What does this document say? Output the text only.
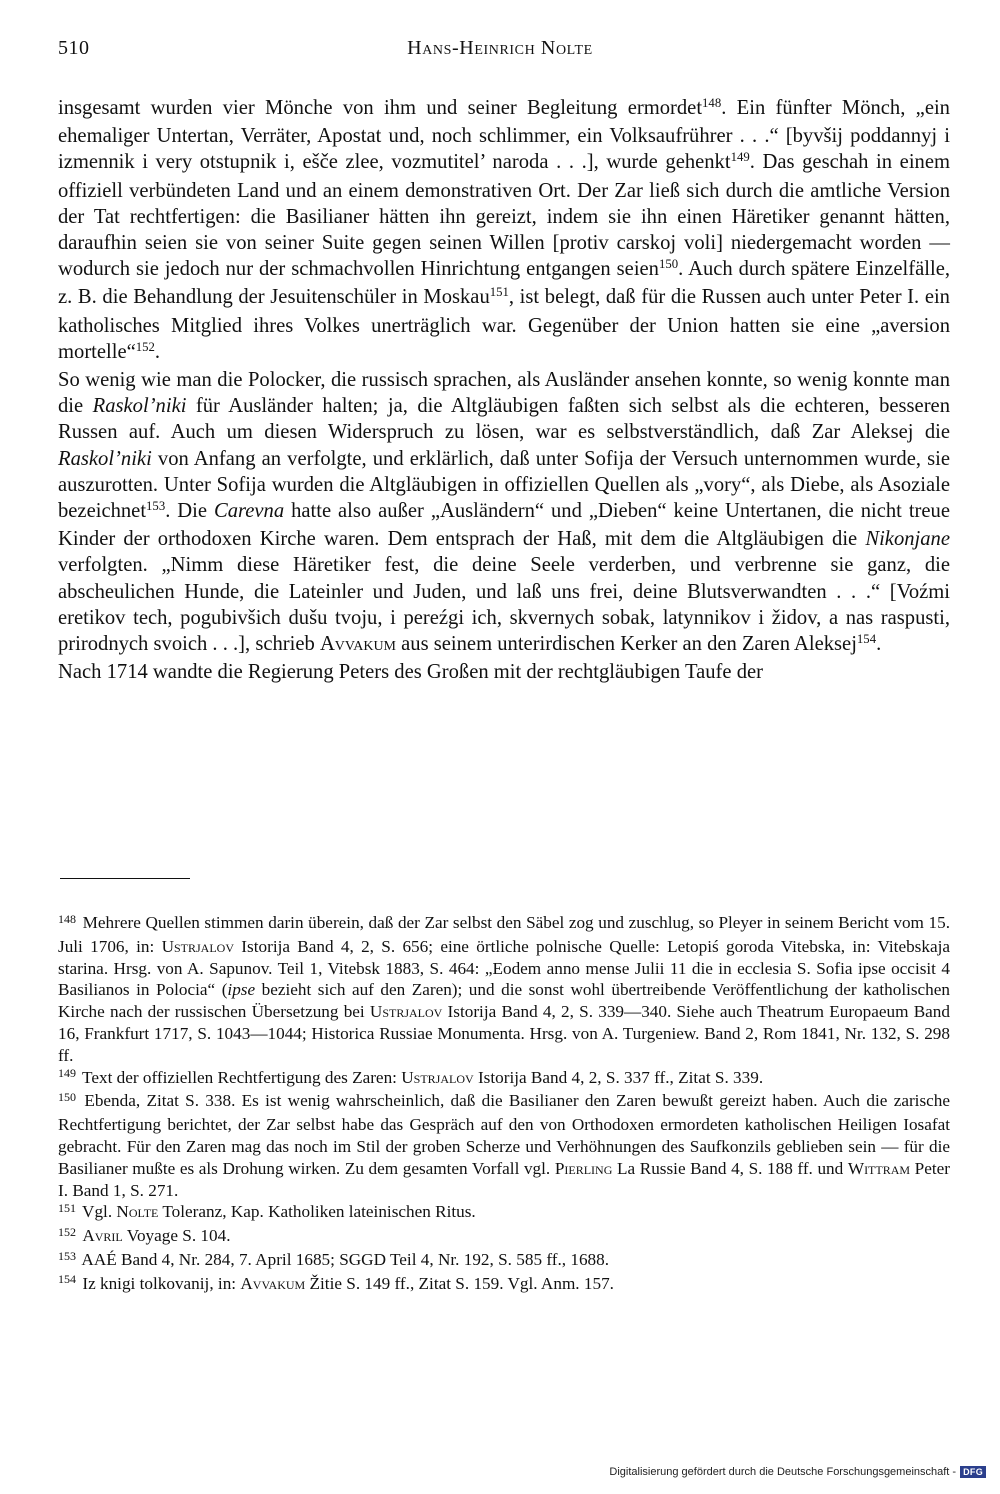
510	Hans-Heinrich Nolte

insgesamt wurden vier Mönche von ihm und seiner Begleitung ermordet$^{148}$. Ein fünfter Mönch, „ein ehemaliger Untertan, Verräter, Apostat und, noch schlimmer, ein Volksaufrührer . . .“ [byvšij poddannyj i izmennik i very otstupnik i, ešče zlee, vozmutitel’ naroda . . .], wurde gehenkt$^{149}$. Das geschah in einem offiziell verbündeten Land und an einem demonstrativen Ort. Der Zar ließ sich durch die amtliche Version der Tat rechtfertigen: die Basilianer hätten ihn gereizt, indem sie ihn einen Häretiker genannt hätten, daraufhin seien sie von seiner Suite gegen seinen Willen [protiv carskoj voli] niedergemacht worden — wodurch sie jedoch nur der schmachvollen Hinrichtung entgangen seien$^{150}$. Auch durch spätere Einzelfälle, z. B. die Behandlung der Jesuitenschüler in Moskau$^{151}$, ist belegt, daß für die Russen auch unter Peter I. ein katholisches Mitglied ihres Volkes unerträglich war. Gegenüber der Union hatten sie eine „aversion mortelle“$^{152}$.

So wenig wie man die Polocker, die russisch sprachen, als Ausländer ansehen konnte, so wenig konnte man die Raskol’niki für Ausländer halten; ja, die Altgläubigen faßten sich selbst als die echteren, besseren Russen auf. Auch um diesen Widerspruch zu lösen, war es selbstverständlich, daß Zar Aleksej die Raskol’niki von Anfang an verfolgte, und erklärlich, daß unter Sofija der Versuch unternommen wurde, sie auszurotten. Unter Sofija wurden die Altgläubigen in offiziellen Quellen als „vory“, als Diebe, als Asoziale bezeichnet$^{153}$. Die Carevna hatte also außer „Ausländern“ und „Dieben“ keine Untertanen, die nicht treue Kinder der orthodoxen Kirche waren. Dem entsprach der Haß, mit dem die Altgläubigen die Nikonjane verfolgten. „Nimm diese Häretiker fest, die deine Seele verderben, und verbrenne sie ganz, die abscheulichen Hunde, die Lateinler und Juden, und laß uns frei, deine Blutsverwandten . . .“ [Voźmi eretikov tech, pogubivšich dušu tvoju, i pereźgi ich, skvernych sobak, latynnikov i židov, a nas raspusti, prirodnych svoich . . .], schrieb Avvakum aus seinem unterirdischen Kerker an den Zaren Aleksej$^{154}$.

Nach 1714 wandte die Regierung Peters des Großen mit der rechtgläubigen Taufe der

$^{148}$ Mehrere Quellen stimmen darin überein, daß der Zar selbst den Säbel zog und zuschlug, so Pleyer in seinem Bericht vom 15. Juli 1706, in: Ustrjalov Istorija Band 4, 2, S. 656; eine örtliche polnische Quelle: Letopiś goroda Vitebska, in: Vitebskaja starina. Hrsg. von A. Sapunov. Teil 1, Vitebsk 1883, S. 464: „Eodem anno mense Julii 11 die in ecclesia S. Sofia ipse occisit 4 Basilianos in Polocia“ (ipse bezieht sich auf den Zaren); und die sonst wohl übertreibende Veröffentlichung der katholischen Kirche nach der russischen Übersetzung bei Ustrjalov Istorija Band 4, 2, S. 339—340. Siehe auch Theatrum Europaeum Band 16, Frankfurt 1717, S. 1043—1044; Historica Russiae Monumenta. Hrsg. von A. Turgeniew. Band 2, Rom 1841, Nr. 132, S. 298 ff.

$^{149}$ Text der offiziellen Rechtfertigung des Zaren: Ustrjalov Istorija Band 4, 2, S. 337 ff., Zitat S. 339.

$^{150}$ Ebenda, Zitat S. 338. Es ist wenig wahrscheinlich, daß die Basilianer den Zaren bewußt gereizt haben. Auch die zarische Rechtfertigung berichtet, der Zar selbst habe das Gespräch auf den von Orthodoxen ermordeten katholischen Heiligen Iosafat gebracht. Für den Zaren mag das noch im Stil der groben Scherze und Verhöhnungen des Saufkonzils geblieben sein — für die Basilianer mußte es als Drohung wirken. Zu dem gesamten Vorfall vgl. Pierling La Russie Band 4, S. 188 ff. und Wittram Peter I. Band 1, S. 271.

$^{151}$ Vgl. Nolte Toleranz, Kap. Katholiken lateinischen Ritus.

$^{152}$ Avril Voyage S. 104.

$^{153}$ AAÉ Band 4, Nr. 284, 7. April 1685; SGGD Teil 4, Nr. 192, S. 585 ff., 1688.

$^{154}$ Iz knigi tolkovanij, in: Avvakum Žitie S. 149 ff., Zitat S. 159. Vgl. Anm. 157.

Digitalisierung gefördert durch die Deutsche Forschungsgemeinschaft - DFG
